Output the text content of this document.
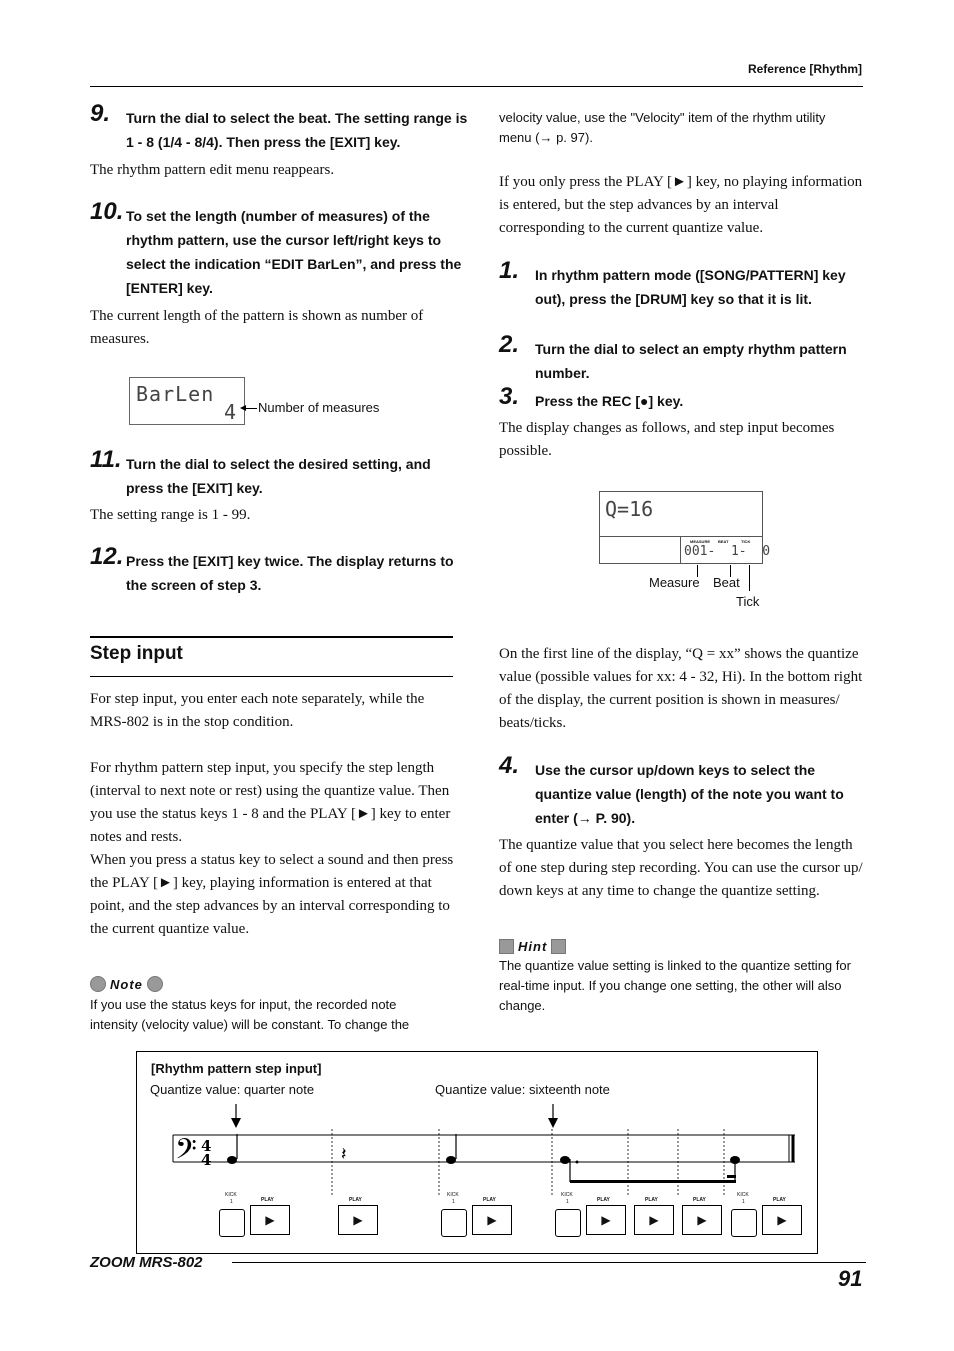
Reference [Rhythm]
9. Turn the dial to select the beat. The setting range is
1 - 8 (1/4 - 8/4). Then press the [EXIT] key.
The rhythm pattern edit menu reappears.
10. To set the length (number of measures) of the
rhythm pattern, use the cursor left/right keys to
select the indication “EDIT BarLen”, and press the
[ENTER] key.
The current length of the pattern is shown as number of
measures.
BarLen
4 Number of measures
11. Turn the dial to select the desired setting, and
press the [EXIT] key.
The setting range is 1 - 99.
12. Press the [EXIT] key twice. The display returns to
the screen of step 3.
Step input
For step input, you enter each note separately, while the
MRS-802 is in the stop condition.
For rhythm pattern step input, you specify the step length
(interval to next note or rest) using the quantize value. Then
you use the status keys 1 - 8 and the PLAY [►] key to enter
notes and rests.
When you press a status key to select a sound and then press
the PLAY [►] key, playing information is entered at that
point, and the step advances by an interval corresponding to
the current quantize value.
Note
If you use the status keys for input, the recorded note
intensity (velocity value) will be constant. To change the
velocity value, use the "Velocity" item of the rhythm utility
menu (→ p. 97).
If you only press the PLAY [►] key, no playing information
is entered, but the step advances by an interval
corresponding to the current quantize value.
1. In rhythm pattern mode ([SONG/PATTERN] key
out), press the [DRUM] key so that it is lit.
2. Turn the dial to select an empty rhythm pattern
number.
3. Press the REC [●] key.
The display changes as follows, and step input becomes
possible.
Q=16
MEASURE BEAT	TICK
001-  1-  0
Measure Beat
Tick
On the first line of the display, “Q = xx” shows the quantize
value (possible values for xx: 4 - 32, Hi). In the bottom right
of the display, the current position is shown in measures/
beats/ticks.
4. Use the cursor up/down keys to select the
quantize value (length) of the note you want to
enter (→ P. 90).
The quantize value that you select here becomes the length
of one step during step recording. You can use the cursor up/
down keys at any time to change the quantize setting.
Hint
The quantize value setting is linked to the quantize setting for
real-time input. If you change one setting, the other will also
change.
[Rhythm pattern step input]
Quantize value: quarter note	Quantize value: sixteenth note
𝄢 4
4	𝄽
KICK
1	PLAY
▶
PLAY
▶
KICK
1	PLAY
▶
KICK
1	PLAY
▶
PLAY
▶
PLAY
▶
KICK
1	PLAY
▶
ZOOM MRS-802
91
